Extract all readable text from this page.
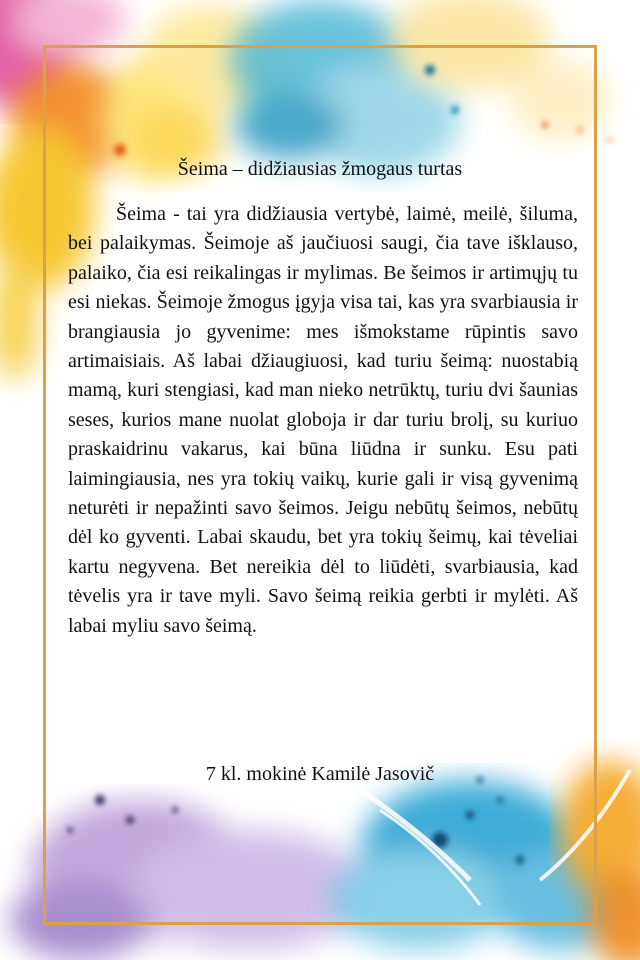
Šeima – didžiausias žmogaus turtas

Šeima - tai yra didžiausia vertybė, laimė, meilė, šiluma, bei palaikymas. Šeimoje aš jaučiuosi saugi, čia tave išklauso, palaiko, čia esi reikalingas ir mylimas. Be šeimos ir artimųjų tu esi niekas. Šeimoje žmogus įgyja visa tai, kas yra svarbiausia ir brangiausia jo gyvenime: mes išmokstame rūpintis savo artimaisiais. Aš labai džiaugiuosi, kad turiu šeimą: nuostabią mamą, kuri stengiasi, kad man nieko netrūktų, turiu dvi šaunias seses, kurios mane nuolat globoja ir dar turiu brolį, su kuriuo praskaidrinu vakarus, kai būna liūdna ir sunku. Esu pati laimingiausia, nes yra tokių vaikų, kurie gali ir visą gyvenimą neturėti ir nepažinti savo šeimos. Jeigu nebūtų šeimos, nebūtų dėl ko gyventi. Labai skaudu, bet yra tokių šeimų, kai tėveliai kartu negyvena. Bet nereikia dėl to liūdėti, svarbiausia, kad tėvelis yra ir tave myli. Savo šeimą reikia gerbti ir mylėti. Aš labai myliu savo šeimą.

7 kl. mokinė Kamilė Jasovič
